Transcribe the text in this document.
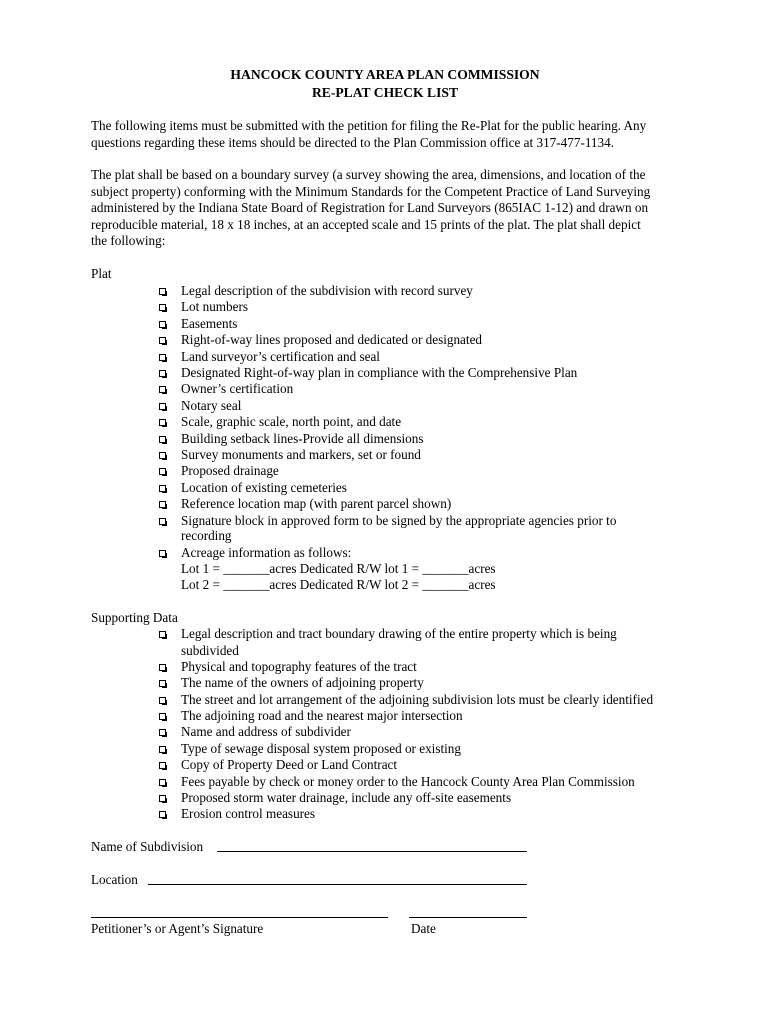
HANCOCK COUNTY AREA PLAN COMMISSION
RE-PLAT CHECK LIST
The following items must be submitted with the petition for filing the Re-Plat for the public hearing. Any
questions regarding these items should be directed to the Plan Commission office at 317-477-1134.
The plat shall be based on a boundary survey (a survey showing the area, dimensions, and location of the
subject property) conforming with the Minimum Standards for the Competent Practice of Land Surveying
administered by the Indiana State Board of Registration for Land Surveyors (865IAC 1-12) and drawn on
reproducible material, 18 x 18 inches, at an accepted scale and 15 prints of the plat. The plat shall depict
the following:
Plat
Legal description of the subdivision with record survey
Lot numbers
Easements
Right-of-way lines proposed and dedicated or designated
Land surveyor’s certification and seal
Designated Right-of-way plan in compliance with the Comprehensive Plan
Owner’s certification
Notary seal
Scale, graphic scale, north point, and date
Building setback lines-Provide all dimensions
Survey monuments and markers, set or found
Proposed drainage
Location of existing cemeteries
Reference location map (with parent parcel shown)
Signature block in approved form to be signed by the appropriate agencies prior to
Acreage information as follows:
recording
Lot 1 = _______acres Dedicated R/W lot 1 = _______acres
Lot 2 = _______acres Dedicated R/W lot 2 = _______acres
Supporting Data
Legal description and tract boundary drawing of the entire property which is being
Physical and topography features of the tract
The name of the owners of adjoining property
The street and lot arrangement of the adjoining subdivision lots must be clearly identified
The adjoining road and the nearest major intersection
Name and address of subdivider
Type of sewage disposal system proposed or existing
Copy of Property Deed or Land Contract
Fees payable by check or money order to the Hancock County Area Plan Commission
Proposed storm water drainage, include any off-site easements
Erosion control measures
subdivided
Name of Subdivision
Location
Petitioner’s or Agent’s Signature	Date
